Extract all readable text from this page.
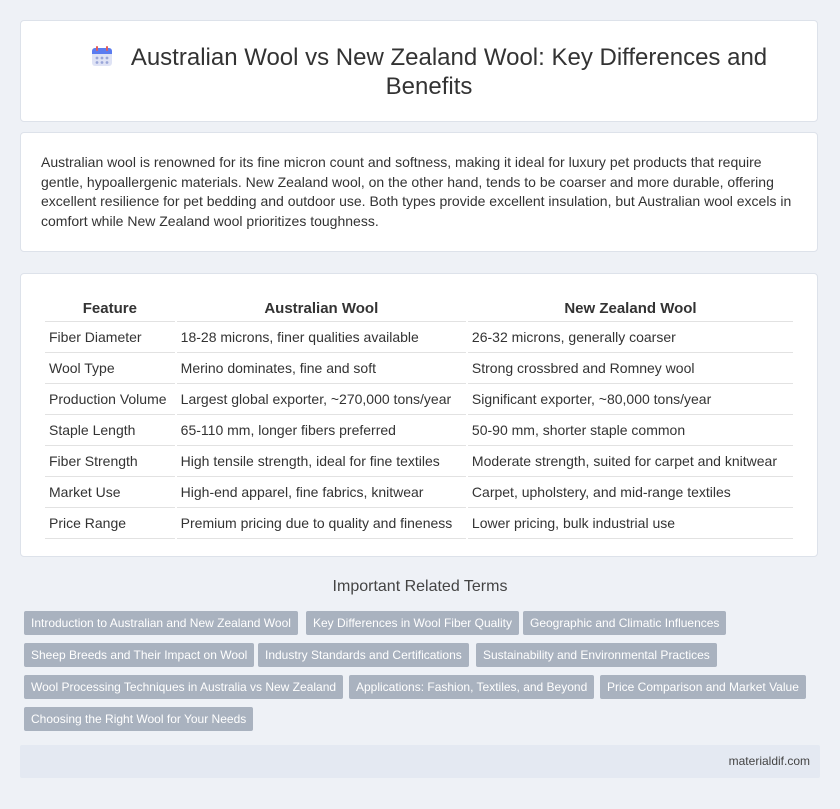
Australian Wool vs New Zealand Wool: Key Differences and Benefits
Australian wool is renowned for its fine micron count and softness, making it ideal for luxury pet products that require gentle, hypoallergenic materials. New Zealand wool, on the other hand, tends to be coarser and more durable, offering excellent resilience for pet bedding and outdoor use. Both types provide excellent insulation, but Australian wool excels in comfort while New Zealand wool prioritizes toughness.
Feature	Australian Wool	New Zealand Wool
Fiber Diameter	18-28 microns, finer qualities available	26-32 microns, generally coarser
Wool Type	Merino dominates, fine and soft	Strong crossbred and Romney wool
Production Volume	Largest global exporter, ~270,000 tons/year	Significant exporter, ~80,000 tons/year
Staple Length	65-110 mm, longer fibers preferred	50-90 mm, shorter staple common
Fiber Strength	High tensile strength, ideal for fine textiles	Moderate strength, suited for carpet and knitwear
Market Use	High-end apparel, fine fabrics, knitwear	Carpet, upholstery, and mid-range textiles
Price Range	Premium pricing due to quality and fineness	Lower pricing, bulk industrial use
Important Related Terms
Introduction to Australian and New Zealand Wool	Key Differences in Wool Fiber Quality	Geographic and Climatic Influences
Sheep Breeds and Their Impact on Wool	Industry Standards and Certifications	Sustainability and Environmental Practices
Wool Processing Techniques in Australia vs New Zealand	Applications: Fashion, Textiles, and Beyond	Price Comparison and Market Value
Choosing the Right Wool for Your Needs
materialdif.com
